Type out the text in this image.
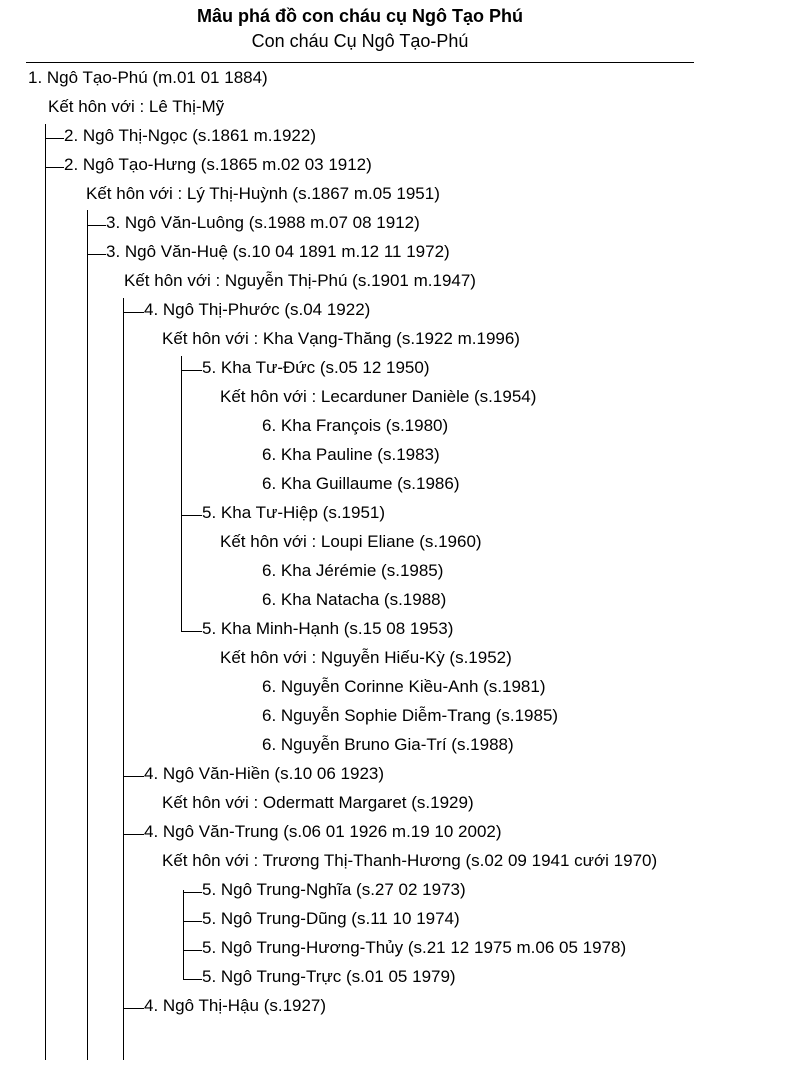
Mâu phá đồ con cháu cụ Ngô Tạo Phú
Con cháu Cụ Ngô Tạo-Phú
1. Ngô Tạo-Phú (m.01 01 1884)
Kết hôn với : Lê Thị-Mỹ
2. Ngô Thị-Ngọc (s.1861 m.1922)
2. Ngô Tạo-Hưng (s.1865 m.02 03 1912)
Kết hôn với : Lý Thị-Huỳnh (s.1867 m.05 1951)
3. Ngô Văn-Luông (s.1988 m.07 08 1912)
3. Ngô Văn-Huệ (s.10 04 1891 m.12 11 1972)
Kết hôn với : Nguyễn Thị-Phú (s.1901 m.1947)
4. Ngô Thị-Phước (s.04 1922)
Kết hôn với : Kha Vạng-Thăng (s.1922 m.1996)
5. Kha Tư-Đức (s.05 12 1950)
Kết hôn với : Lecarduner Danièle (s.1954)
6. Kha François (s.1980)
6. Kha Pauline (s.1983)
6. Kha Guillaume (s.1986)
5. Kha Tư-Hiệp (s.1951)
Kết hôn với : Loupi Eliane (s.1960)
6. Kha Jérémie (s.1985)
6. Kha Natacha (s.1988)
5. Kha Minh-Hạnh (s.15 08 1953)
Kết hôn với : Nguyễn Hiếu-Kỳ (s.1952)
6. Nguyễn Corinne Kiều-Anh (s.1981)
6. Nguyễn Sophie Diễm-Trang (s.1985)
6. Nguyễn Bruno Gia-Trí (s.1988)
4. Ngô Văn-Hiền (s.10 06 1923)
Kết hôn với : Odermatt Margaret (s.1929)
4. Ngô Văn-Trung (s.06 01 1926 m.19 10 2002)
Kết hôn với : Trương Thị-Thanh-Hương (s.02 09 1941 cưới 1970)
5. Ngô Trung-Nghĩa (s.27 02 1973)
5. Ngô Trung-Dũng (s.11 10 1974)
5. Ngô Trung-Hương-Thủy (s.21 12 1975 m.06 05 1978)
5. Ngô Trung-Trực (s.01 05 1979)
4. Ngô Thị-Hậu (s.1927)
